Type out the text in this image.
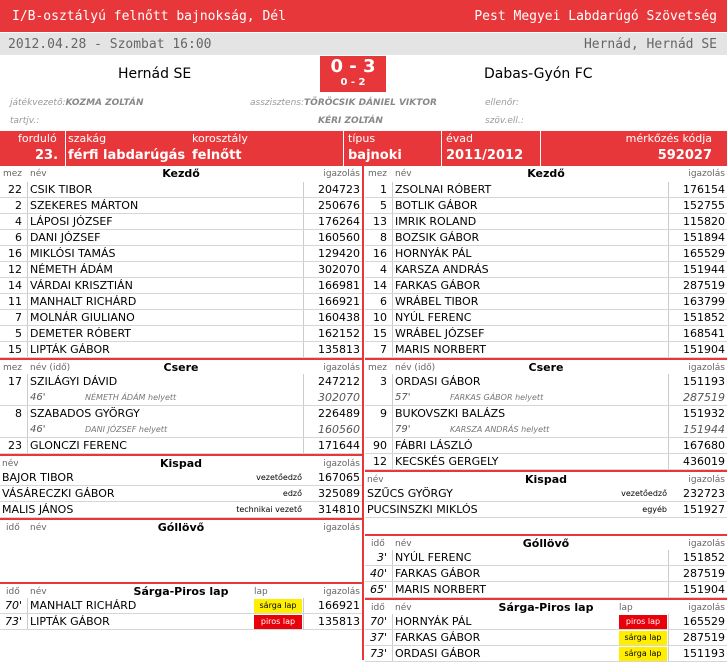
I/B-osztályú felnőtt bajnokság, Dél	Pest Megyei Labdarúgó Szövetség
2012.04.28 - Szombat 16:00	Hernád, Hernád SE
Hernád SE	0 - 3
0 - 2
Dabas-Gyón FC
játékvezető:KOZMA ZOLTÁN	asszisztens:TÖRÖCSIK DÁNIEL VIKTOR
KÉRI ZOLTÁN
ellenőr:
tartjv.:	szöv.ell.:
forduló
23.
szakág
férfi labdarúgás
korosztály
felnőtt
típus
bajnoki
évad
2011/2012
mérkőzés kódja
592027
mez név	Kezdő	igazolás
22 CSIK TIBOR	204723
2 SZEKERES MÁRTON	250676
4 LÁPOSI JÓZSEF	176264
6 DANI JÓZSEF	160560
16 MIKLÓSI TAMÁS	129420
12 NÉMETH ÁDÁM	302070
14 VÁRDAI KRISZTIÁN	166981
11 MANHALT RICHÁRD	166921
7 MOLNÁR GIULIANO	160438
5 DEMETER RÓBERT	162152
15 LIPTÁK GÁBOR	135813
mez név (idő)	Csere	igazolás
17 SZILÁGYI DÁVID	247212
46'	NÉMETH ÁDÁM helyett	302070
8 SZABADOS GYÖRGY	226489
46'	DANI JÓZSEF helyett	160560
23 GLONCZI FERENC	171644
név	Kispad	igazolás
BAJOR TIBOR	vezetőedző 167065
VÁSÁRECZKI GÁBOR	edző 325089
MALIS JÁNOS	technikai vezető 314810
idő név	Góllövő	igazolás
idő név	Sárga-Piros lap	lap	igazolás
70' MANHALT RICHÁRD	sárga lap	166921
73' LIPTÁK GÁBOR	piros lap	135813
mez név	Kezdő	igazolás
1 ZSOLNAI RÓBERT	176154
5 BOTLIK GÁBOR	152755
13 IMRIK ROLAND	115820
8 BOZSIK GÁBOR	151894
16 HORNYÁK PÁL	165529
4 KARSZA ANDRÁS	151944
14 FARKAS GÁBOR	287519
6 WRÁBEL TIBOR	163799
10 NYÚL FERENC	151852
15 WRÁBEL JÓZSEF	168541
7 MARIS NORBERT	151904
mez név (idő)	Csere	igazolás
3 ORDASI GÁBOR	151193
57'	FARKAS GÁBOR helyett	287519
9 BUKOVSZKI BALÁZS	151932
79'	KARSZA ANDRÁS helyett	151944
90 FÁBRI LÁSZLÓ	167680
12 KECSKÉS GERGELY	436019
név	Kispad	igazolás
SZŰCS GYÖRGY	vezetőedző 232723
PUCSINSZKI MIKLÓS	egyéb 151927
idő név	Góllövő	igazolás
3' NYÚL FERENC	151852
40' FARKAS GÁBOR	287519
65' MARIS NORBERT	151904
idő név	Sárga-Piros lap	lap	igazolás
70' HORNYÁK PÁL	piros lap	165529
37' FARKAS GÁBOR	sárga lap	287519
73' ORDASI GÁBOR	sárga lap	151193
